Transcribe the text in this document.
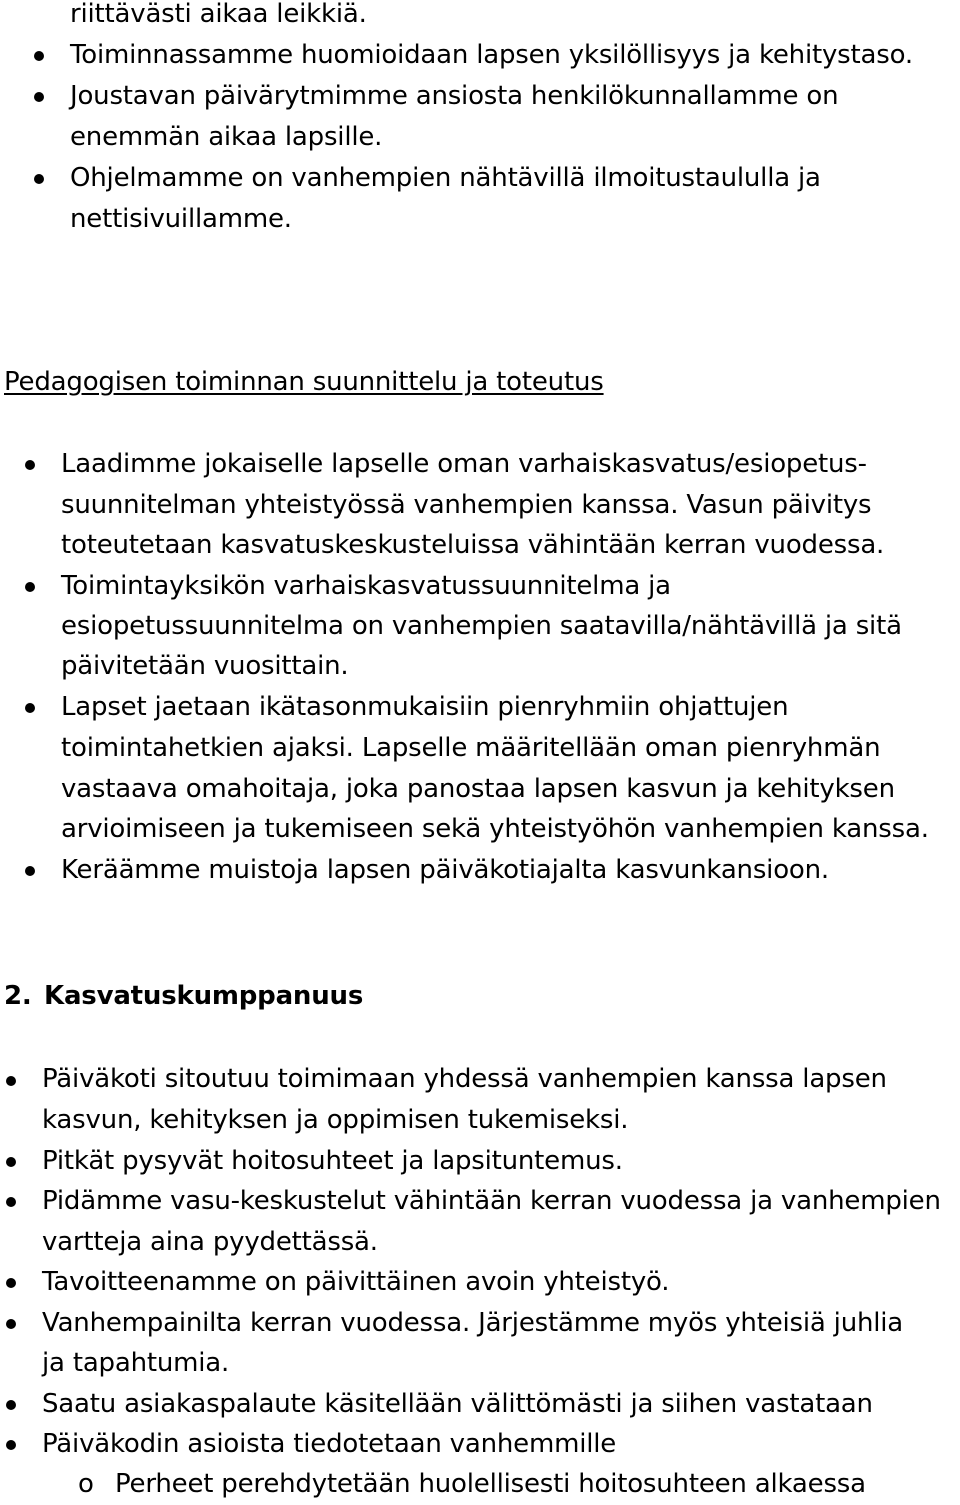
riittävästi aikaa leikkiä.
Toiminnassamme huomioidaan lapsen yksilöllisyys ja kehitystaso.
Joustavan päivärytmimme ansiosta henkilökunnallamme on
enemmän aikaa lapsille.
Ohjelmamme on vanhempien nähtävillä ilmoitustaululla ja
nettisivuillamme.
Pedagogisen toiminnan suunnittelu ja toteutus
Laadimme jokaiselle lapselle oman varhaiskasvatus/esiopetus-
suunnitelman yhteistyössä vanhempien kanssa. Vasun päivitys
toteutetaan kasvatuskeskusteluissa vähintään kerran vuodessa.
Toimintayksikön varhaiskasvatussuunnitelma ja
esiopetussuunnitelma on vanhempien saatavilla/nähtävillä ja sitä
päivitetään vuosittain.
Lapset jaetaan ikätasonmukaisiin pienryhmiin ohjattujen
toimintahetkien ajaksi. Lapselle määritellään oman pienryhmän
vastaava omahoitaja, joka panostaa lapsen kasvun ja kehityksen
arvioimiseen ja tukemiseen sekä yhteistyöhön vanhempien kanssa.
Keräämme muistoja lapsen päiväkotiajalta kasvunkansioon.
2. Kasvatuskumppanuus
Päiväkoti sitoutuu toimimaan yhdessä vanhempien kanssa lapsen
kasvun, kehityksen ja oppimisen tukemiseksi.
Pitkät pysyvät hoitosuhteet ja lapsituntemus.
Pidämme vasu-keskustelut vähintään kerran vuodessa ja vanhempien
vartteja aina pyydettässä.
Tavoitteenamme on päivittäinen avoin yhteistyö.
Vanhempainilta kerran vuodessa. Järjestämme myös yhteisiä juhlia
ja tapahtumia.
Saatu asiakaspalaute käsitellään välittömästi ja siihen vastataan
Päiväkodin asioista tiedotetaan vanhemmille
o Perheet perehdytetään huolellisesti hoitosuhteen alkaessa
